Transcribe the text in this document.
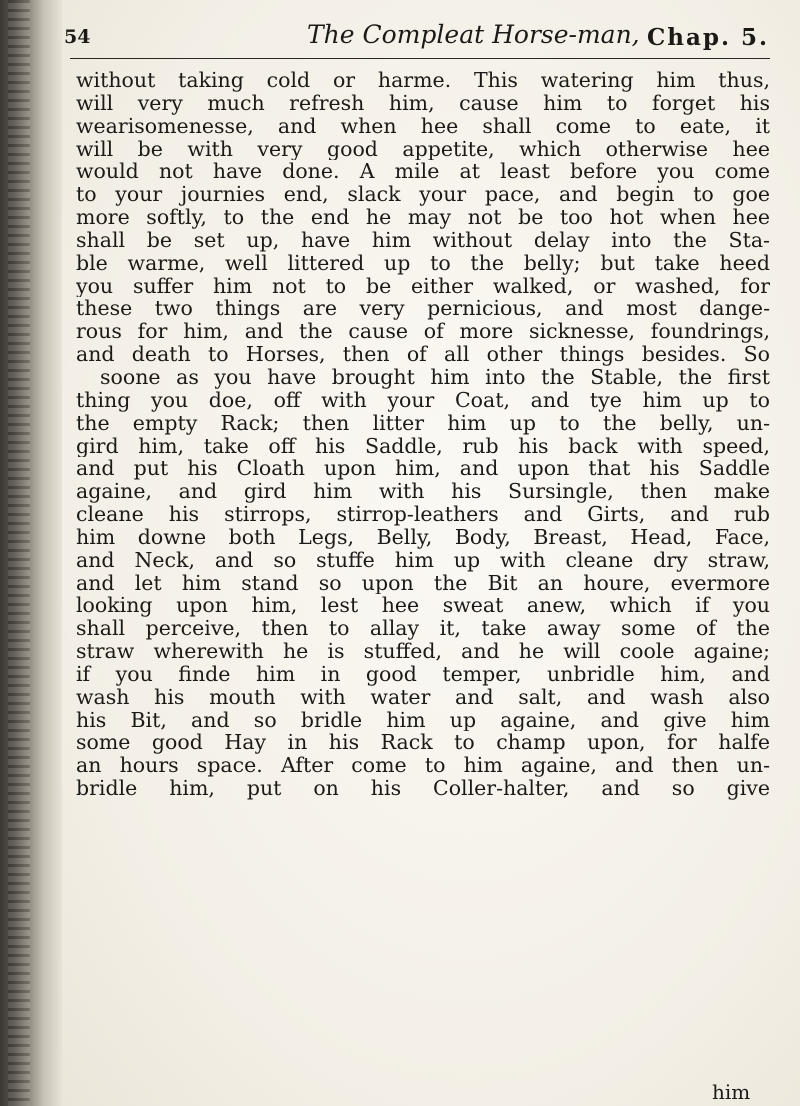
54	The Compleat Horse-man, Chap. 5.
without taking cold or harme. This watering him thus,
will very much refresh him, cause him to forget his
wearisomenesse, and when hee shall come to eate, it
will be with very good appetite, which otherwise hee
would not have done. A mile at least before you come
to your journies end, slack your pace, and begin to goe
more softly, to the end he may not be too hot when hee
shall be set up, have him without delay into the Sta-
ble warme, well littered up to the belly; but take heed
you suffer him not to be either walked, or washed, for
these two things are very pernicious, and most dange-
rous for him, and the cause of more sicknesse, foundrings,
and death to Horses, then of all other things besides. So
soone as you have brought him into the Stable, the first
thing you doe, off with your Coat, and tye him up to
the empty Rack; then litter him up to the belly, un-
gird him, take off his Saddle, rub his back with speed,
and put his Cloath upon him, and upon that his Saddle
againe, and gird him with his Sursingle, then make
cleane his stirrops, stirrop-leathers and Girts, and rub
him downe both Legs, Belly, Body, Breast, Head, Face,
and Neck, and so stuffe him up with cleane dry straw,
and let him stand so upon the Bit an houre, evermore
looking upon him, lest hee sweat anew, which if you
shall perceive, then to allay it, take away some of the
straw wherewith he is stuffed, and he will coole againe;
if you finde him in good temper, unbridle him, and
wash his mouth with water and salt, and wash also
his Bit, and so bridle him up againe, and give him
some good Hay in his Rack to champ upon, for halfe
an hours space. After come to him againe, and then un-
bridle him, put on his Coller-halter, and so give
him
